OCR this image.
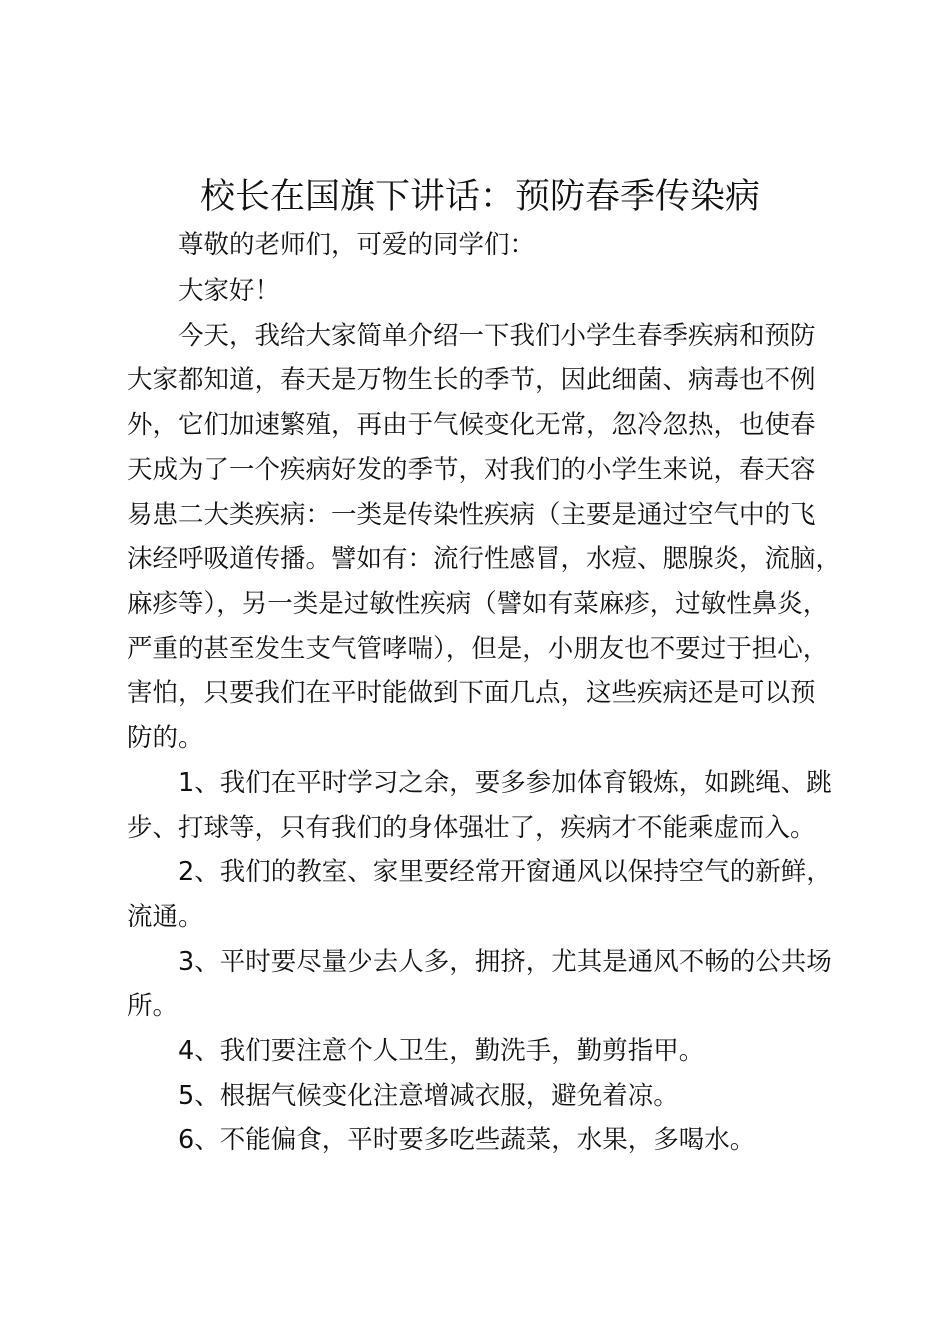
校长在国旗下讲话：预防春季传染病
尊敬的老师们，可爱的同学们：
大家好！
今天，我给大家简单介绍一下我们小学生春季疾病和预防
大家都知道，春天是万物生长的季节，因此细菌、病毒也不例
外，它们加速繁殖，再由于气候变化无常，忽冷忽热，也使春
天成为了一个疾病好发的季节，对我们的小学生来说，春天容
易患二大类疾病：一类是传染性疾病（主要是通过空气中的飞
沫经呼吸道传播。譬如有：流行性感冒，水痘、腮腺炎，流脑，
麻疹等），另一类是过敏性疾病（譬如有菜麻疹，过敏性鼻炎，
严重的甚至发生支气管哮喘），但是，小朋友也不要过于担心，
害怕，只要我们在平时能做到下面几点，这些疾病还是可以预
防的。
1、我们在平时学习之余，要多参加体育锻炼，如跳绳、跳
步、打球等，只有我们的身体强壮了，疾病才不能乘虚而入。
2、我们的教室、家里要经常开窗通风以保持空气的新鲜，
流通。
3、平时要尽量少去人多，拥挤，尤其是通风不畅的公共场
所。
4、我们要注意个人卫生，勤洗手，勤剪指甲。
5、根据气候变化注意增减衣服，避免着凉。
6、不能偏食，平时要多吃些蔬菜，水果，多喝水。
